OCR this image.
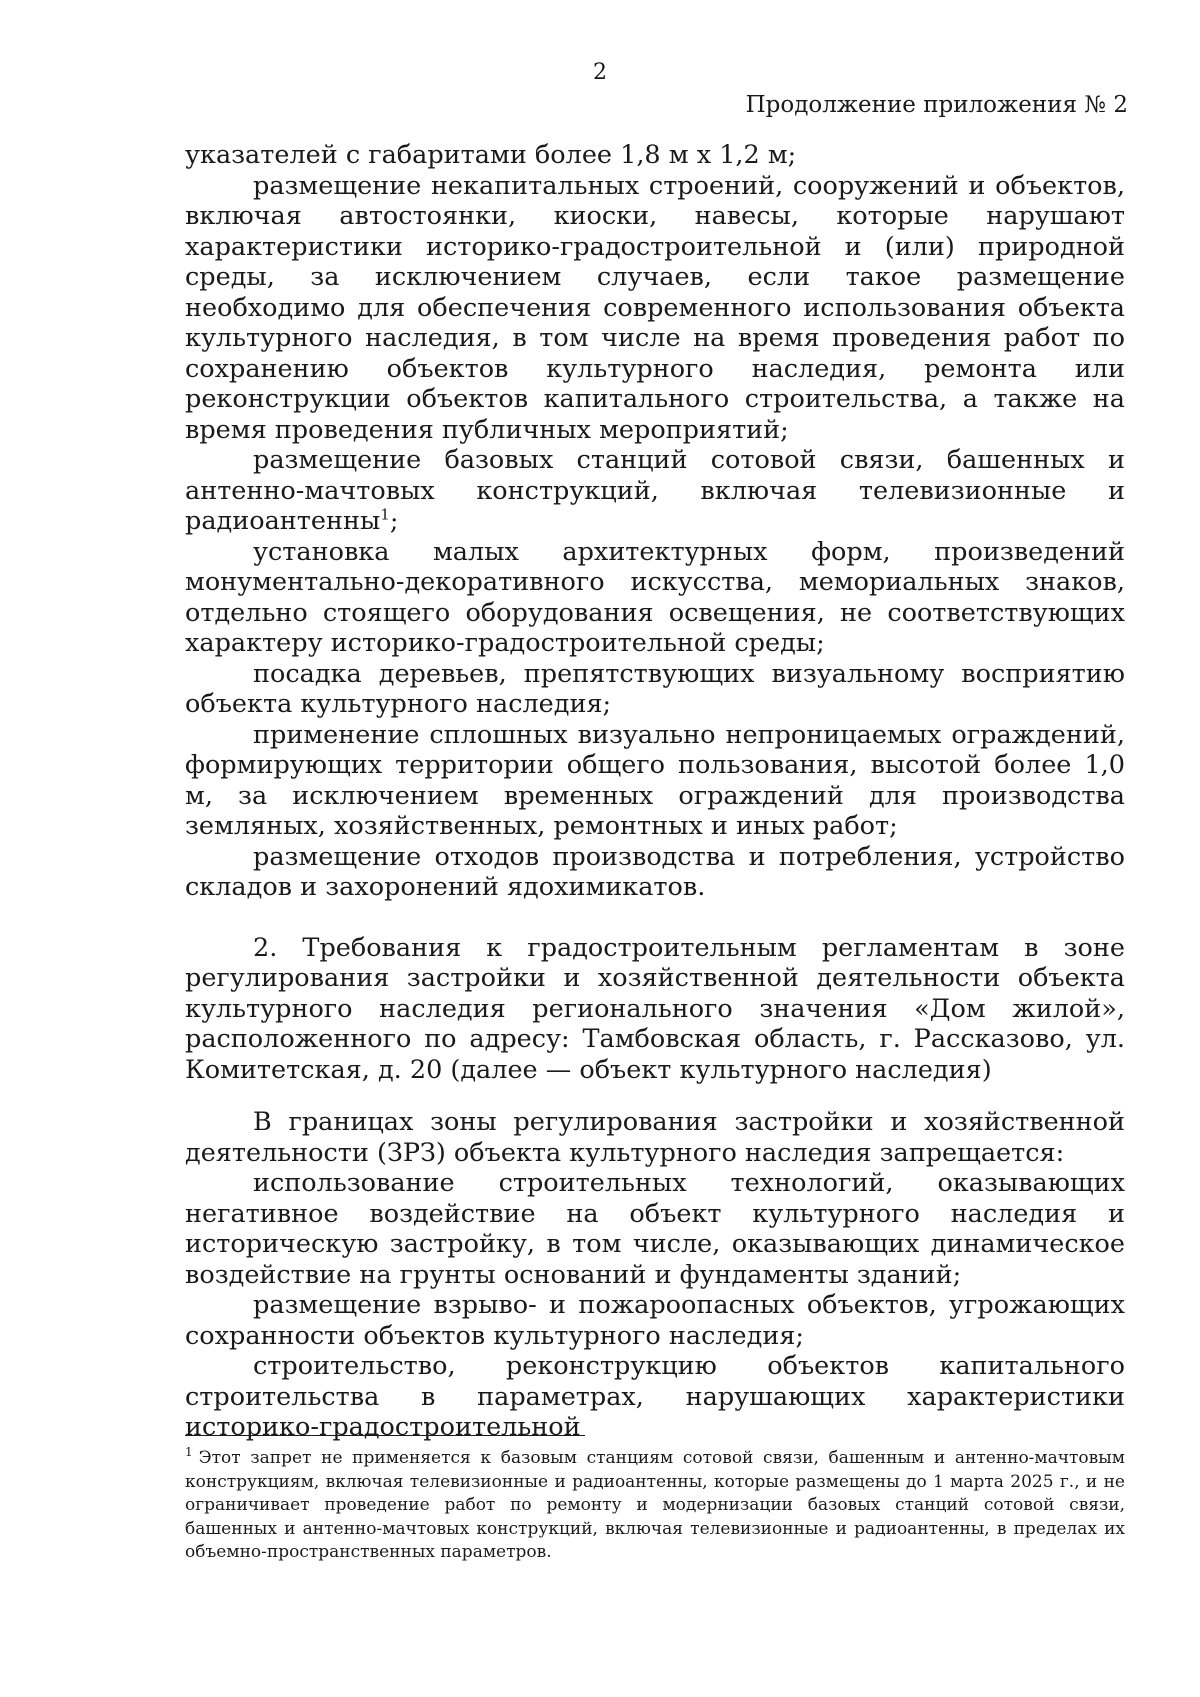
2
Продолжение приложения № 2

указателей с габаритами более 1,8 м х 1,2 м;

размещение некапитальных строений, сооружений и объектов, включая автостоянки, киоски, навесы, которые нарушают характеристики историко-градостроительной и (или) природной среды, за исключением случаев, если такое размещение необходимо для обеспечения современного использования объекта культурного наследия, в том числе на время проведения работ по сохранению объектов культурного наследия, ремонта или реконструкции объектов капитального строительства, а также на время проведения публичных мероприятий;

размещение базовых станций сотовой связи, башенных и антенно-мачтовых конструкций, включая телевизионные и радиоантенны$^1$;

установка малых архитектурных форм, произведений монументально-декоративного искусства, мемориальных знаков, отдельно стоящего оборудования освещения, не соответствующих характеру историко-градостроительной среды;

посадка деревьев, препятствующих визуальному восприятию объекта культурного наследия;

применение сплошных визуально непроницаемых ограждений, формирующих территории общего пользования, высотой более 1,0 м, за исключением временных ограждений для производства земляных, хозяйственных, ремонтных и иных работ;

размещение отходов производства и потребления, устройство складов и захоронений ядохимикатов.

2. Требования к градостроительным регламентам в зоне регулирования застройки и хозяйственной деятельности объекта культурного наследия регионального значения «Дом жилой», расположенного по адресу: Тамбовская область, г. Рассказово, ул. Комитетская, д. 20 (далее — объект культурного наследия)

В границах зоны регулирования застройки и хозяйственной деятельности (ЗРЗ) объекта культурного наследия запрещается:

использование строительных технологий, оказывающих негативное воздействие на объект культурного наследия и историческую застройку, в том числе, оказывающих динамическое воздействие на грунты оснований и фундаменты зданий;

размещение взрыво- и пожароопасных объектов, угрожающих сохранности объектов культурного наследия;

строительство, реконструкцию объектов капитального строительства в параметрах, нарушающих характеристики историко-градостроительной

$^1$ Этот запрет не применяется к базовым станциям сотовой связи, башенным и антенно-мачтовым конструкциям, включая телевизионные и радиоантенны, которые размещены до 1 марта 2025 г., и не ограничивает проведение работ по ремонту и модернизации базовых станций сотовой связи, башенных и антенно-мачтовых конструкций, включая телевизионные и радиоантенны, в пределах их объемно-пространственных параметров.
